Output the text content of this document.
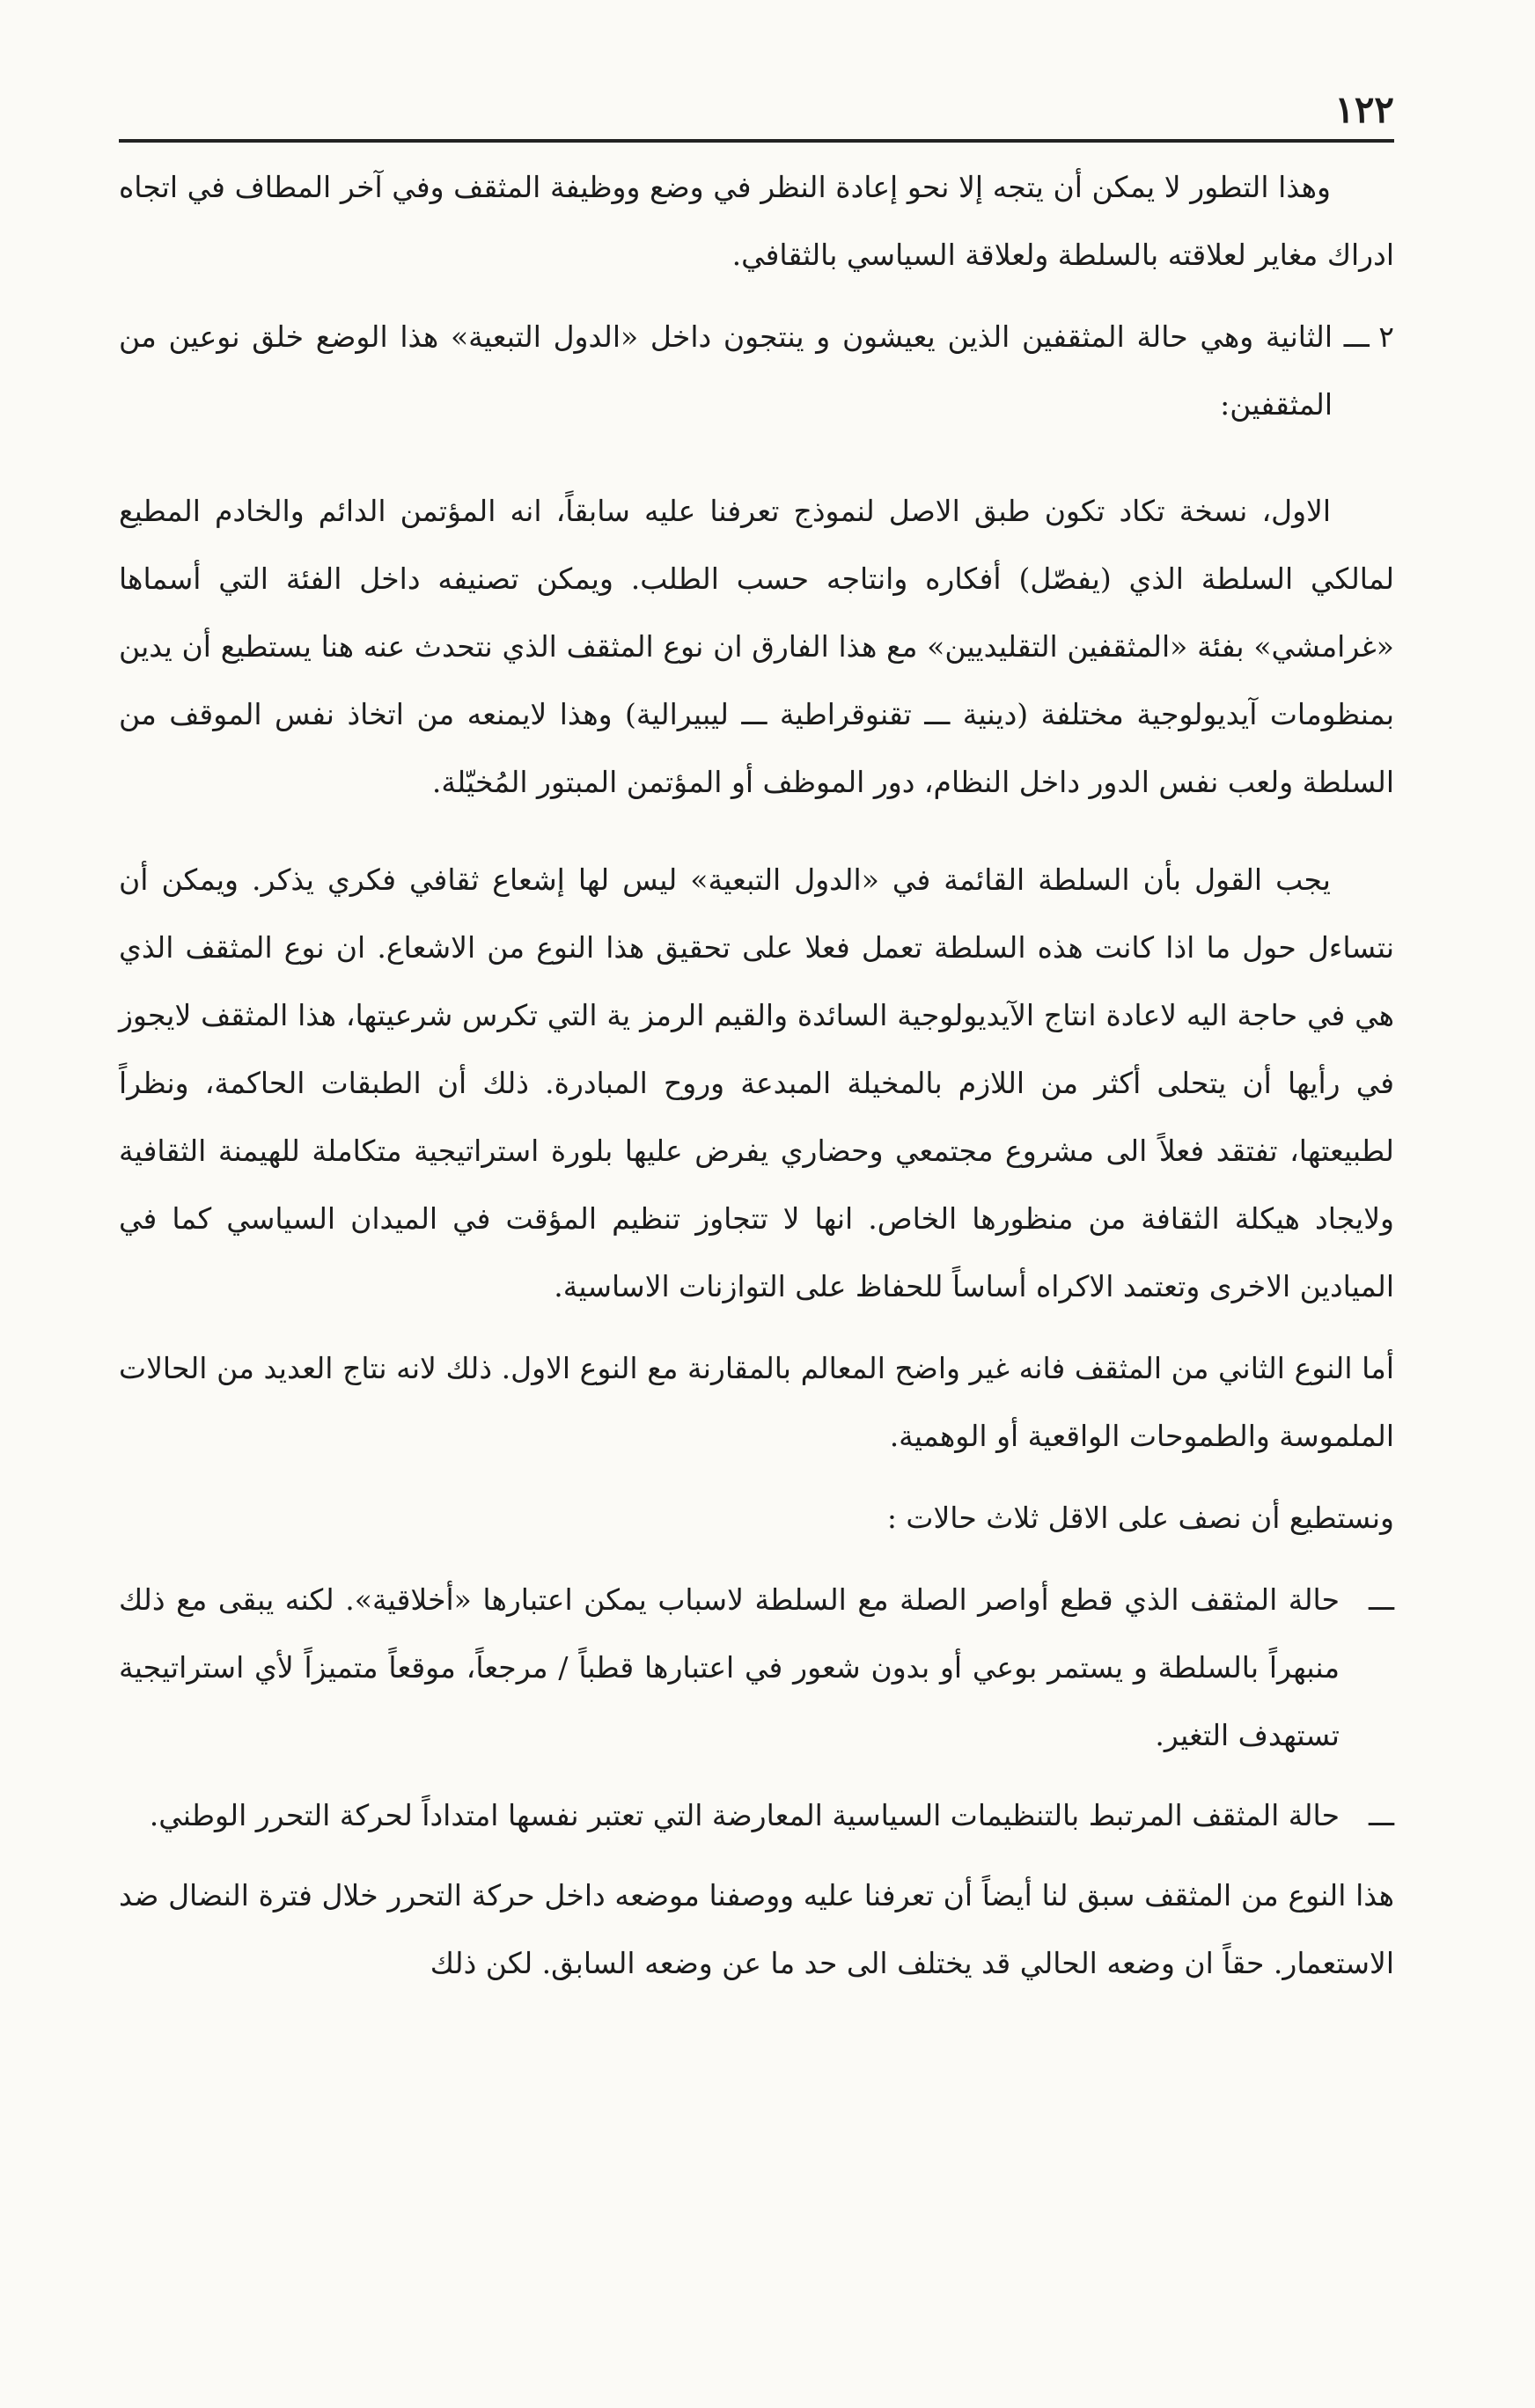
١٢٢

وهذا التطور لا يمكن أن يتجه إلا نحو إعادة النظر في وضع ووظيفة المثقف وفي آخر المطاف في اتجاه ادراك مغاير لعلاقته بالسلطة ولعلاقة السياسي بالثقافي.

٢ ـــ
الثانية وهي حالة المثقفين الذين يعيشون و ينتجون داخل «الدول التبعية» هذا الوضع خلق نوعين من المثقفين:

الاول، نسخة تكاد تكون طبق الاصل لنموذج تعرفنا عليه سابقاً، انه المؤتمن الدائم والخادم المطيع لمالكي السلطة الذي (يفصّل) أفكاره وانتاجه حسب الطلب. ويمكن تصنيفه داخل الفئة التي أسماها «غرامشي» بفئة «المثقفين التقليديين» مع هذا الفارق ان نوع المثقف الذي نتحدث عنه هنا يستطيع أن يدين بمنظومات آيديولوجية مختلفة (دينية ـــ تقنوقراطية ـــ ليبيرالية) وهذا لايمنعه من اتخاذ نفس الموقف من السلطة ولعب نفس الدور داخل النظام، دور الموظف أو المؤتمن المبتور المُخيّلة.

يجب القول بأن السلطة القائمة في «الدول التبعية» ليس لها إشعاع ثقافي فكري يذكر. ويمكن أن نتساءل حول ما اذا كانت هذه السلطة تعمل فعلا على تحقيق هذا النوع من الاشعاع. ان نوع المثقف الذي هي في حاجة اليه لاعادة انتاج الآيديولوجية السائدة والقيم الرمز ية التي تكرس شرعيتها، هذا المثقف لايجوز في رأيها أن يتحلى أكثر من اللازم بالمخيلة المبدعة وروح المبادرة. ذلك أن الطبقات الحاكمة، ونظراً لطبيعتها، تفتقد فعلاً الى مشروع مجتمعي وحضاري يفرض عليها بلورة استراتيجية متكاملة للهيمنة الثقافية ولايجاد هيكلة الثقافة من منظورها الخاص. انها لا تتجاوز تنظيم المؤقت في الميدان السياسي كما في الميادين الاخرى وتعتمد الاكراه أساساً للحفاظ على التوازنات الاساسية.

أما النوع الثاني من المثقف فانه غير واضح المعالم بالمقارنة مع النوع الاول. ذلك لانه نتاج العديد من الحالات الملموسة والطموحات الواقعية أو الوهمية.

ونستطيع أن نصف على الاقل ثلاث حالات :

ـــ
حالة المثقف الذي قطع أواصر الصلة مع السلطة لاسباب يمكن اعتبارها «أخلاقية». لكنه يبقى مع ذلك منبهراً بالسلطة و يستمر بوعي أو بدون شعور في اعتبارها قطباً / مرجعاً، موقعاً متميزاً لأي استراتيجية تستهدف التغير.
ـــ
حالة المثقف المرتبط بالتنظيمات السياسية المعارضة التي تعتبر نفسها امتداداً لحركة التحرر الوطني.

هذا النوع من المثقف سبق لنا أيضاً أن تعرفنا عليه ووصفنا موضعه داخل حركة التحرر خلال فترة النضال ضد الاستعمار. حقاً ان وضعه الحالي قد يختلف الى حد ما عن وضعه السابق. لكن ذلك
